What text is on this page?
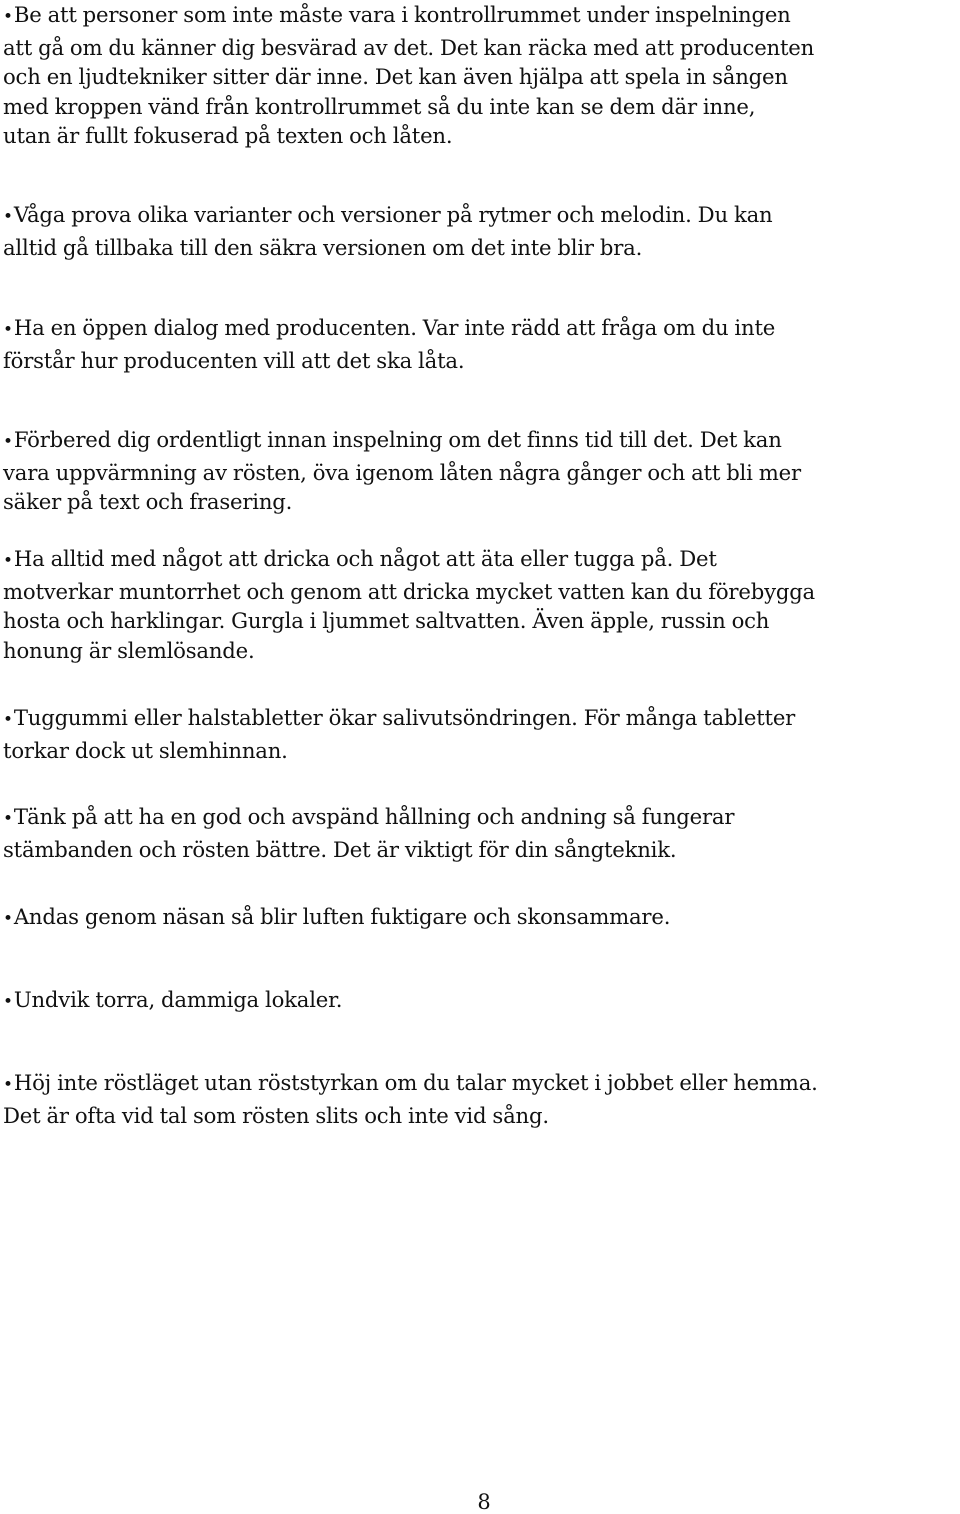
•Be att personer som inte måste vara i kontrollrummet under inspelningen
att gå om du känner dig besvärad av det. Det kan räcka med att producenten
och en ljudtekniker sitter där inne. Det kan även hjälpa att spela in sången
med kroppen vänd från kontrollrummet så du inte kan se dem där inne,
utan är fullt fokuserad på texten och låten.
•Våga prova olika varianter och versioner på rytmer och melodin. Du kan
alltid gå tillbaka till den säkra versionen om det inte blir bra.
•Ha en öppen dialog med producenten. Var inte rädd att fråga om du inte
förstår hur producenten vill att det ska låta.
•Förbered dig ordentligt innan inspelning om det finns tid till det. Det kan
vara uppvärmning av rösten, öva igenom låten några gånger och att bli mer
säker på text och frasering.
•Ha alltid med något att dricka och något att äta eller tugga på. Det
motverkar muntorrhet och genom att dricka mycket vatten kan du förebygga
hosta och harklingar. Gurgla i ljummet saltvatten. Även äpple, russin och
honung är slemlösande.
•Tuggummi eller halstabletter ökar salivutsöndringen. För många tabletter
torkar dock ut slemhinnan.
•Tänk på att ha en god och avspänd hållning och andning så fungerar
stämbanden och rösten bättre. Det är viktigt för din sångteknik.
•Andas genom näsan så blir luften fuktigare och skonsammare.
•Undvik torra, dammiga lokaler.
•Höj inte röstläget utan röststyrkan om du talar mycket i jobbet eller hemma.
Det är ofta vid tal som rösten slits och inte vid sång.
8
